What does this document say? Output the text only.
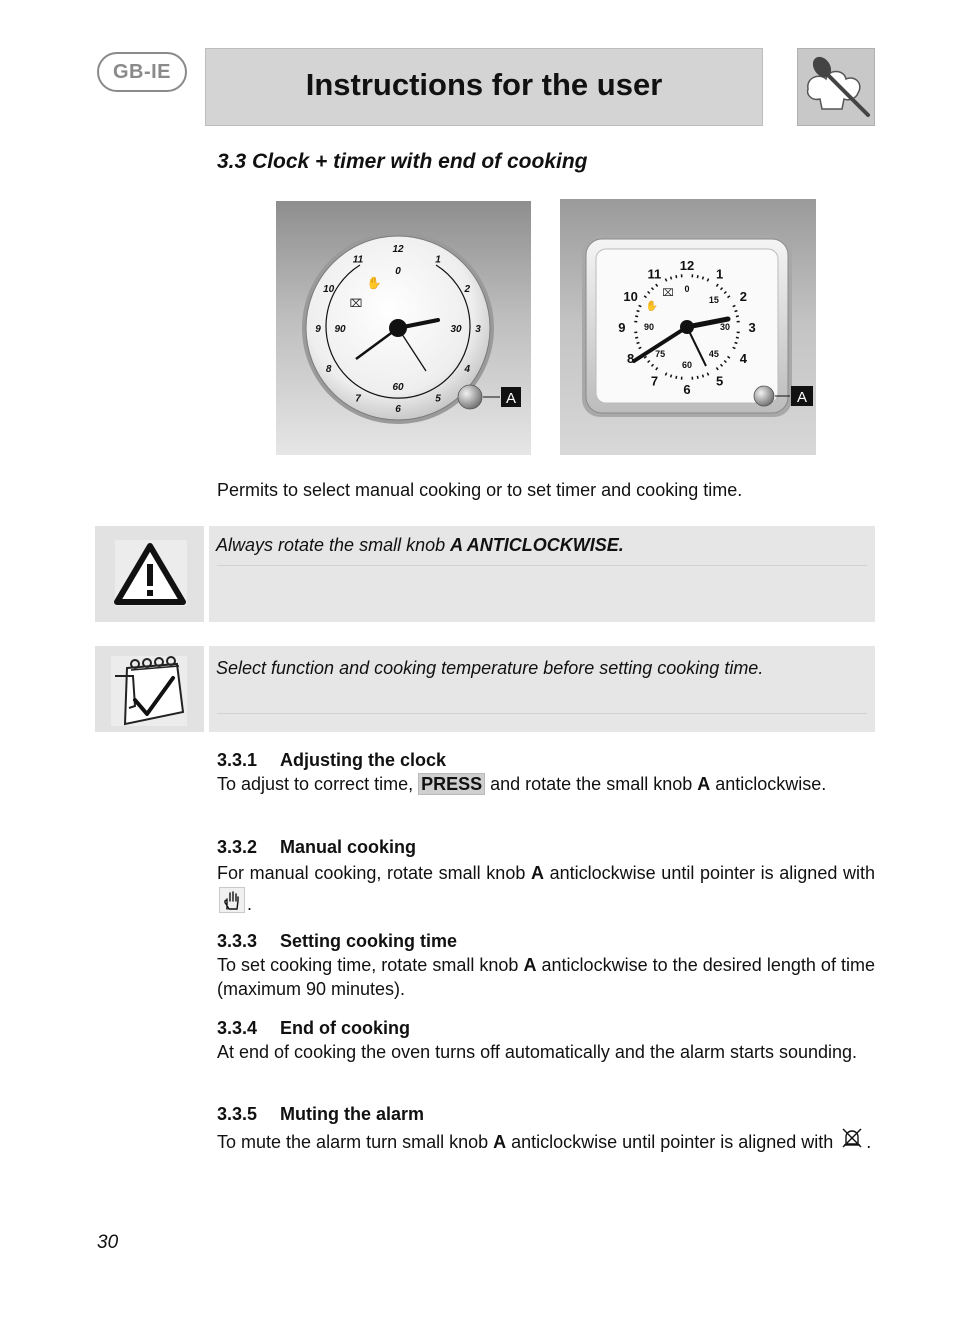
GB-IE	Instructions for the user
3.3 Clock + timer with end of cooking
12
1
2
3
4
5
6
7
8
9
10
11
0
30
60
90
✋
⌧
A
12
1
2
3
4
5
6
7
8
9
10
11
0
15
30
45
60
75
90
⌧
✋
A
Permits to select manual cooking or to set timer and cooking time.
Always rotate the small knob A ANTICLOCKWISE.
Select function and cooking temperature before setting cooking time.
3.3.1 Adjusting the clock

To adjust to correct time, PRESS and rotate the small knob A anticlockwise.

3.3.2 Manual cooking

For manual cooking, rotate small knob A anticlockwise until pointer is aligned with .

3.3.3 Setting cooking time

To set cooking time, rotate small knob A anticlockwise to the desired length of time (maximum 90 minutes).

3.3.4 End of cooking

At end of cooking the oven turns off automatically and the alarm starts sounding.

3.3.5 Muting the alarm

To mute the alarm turn small knob A anticlockwise until pointer is aligned with .

30
